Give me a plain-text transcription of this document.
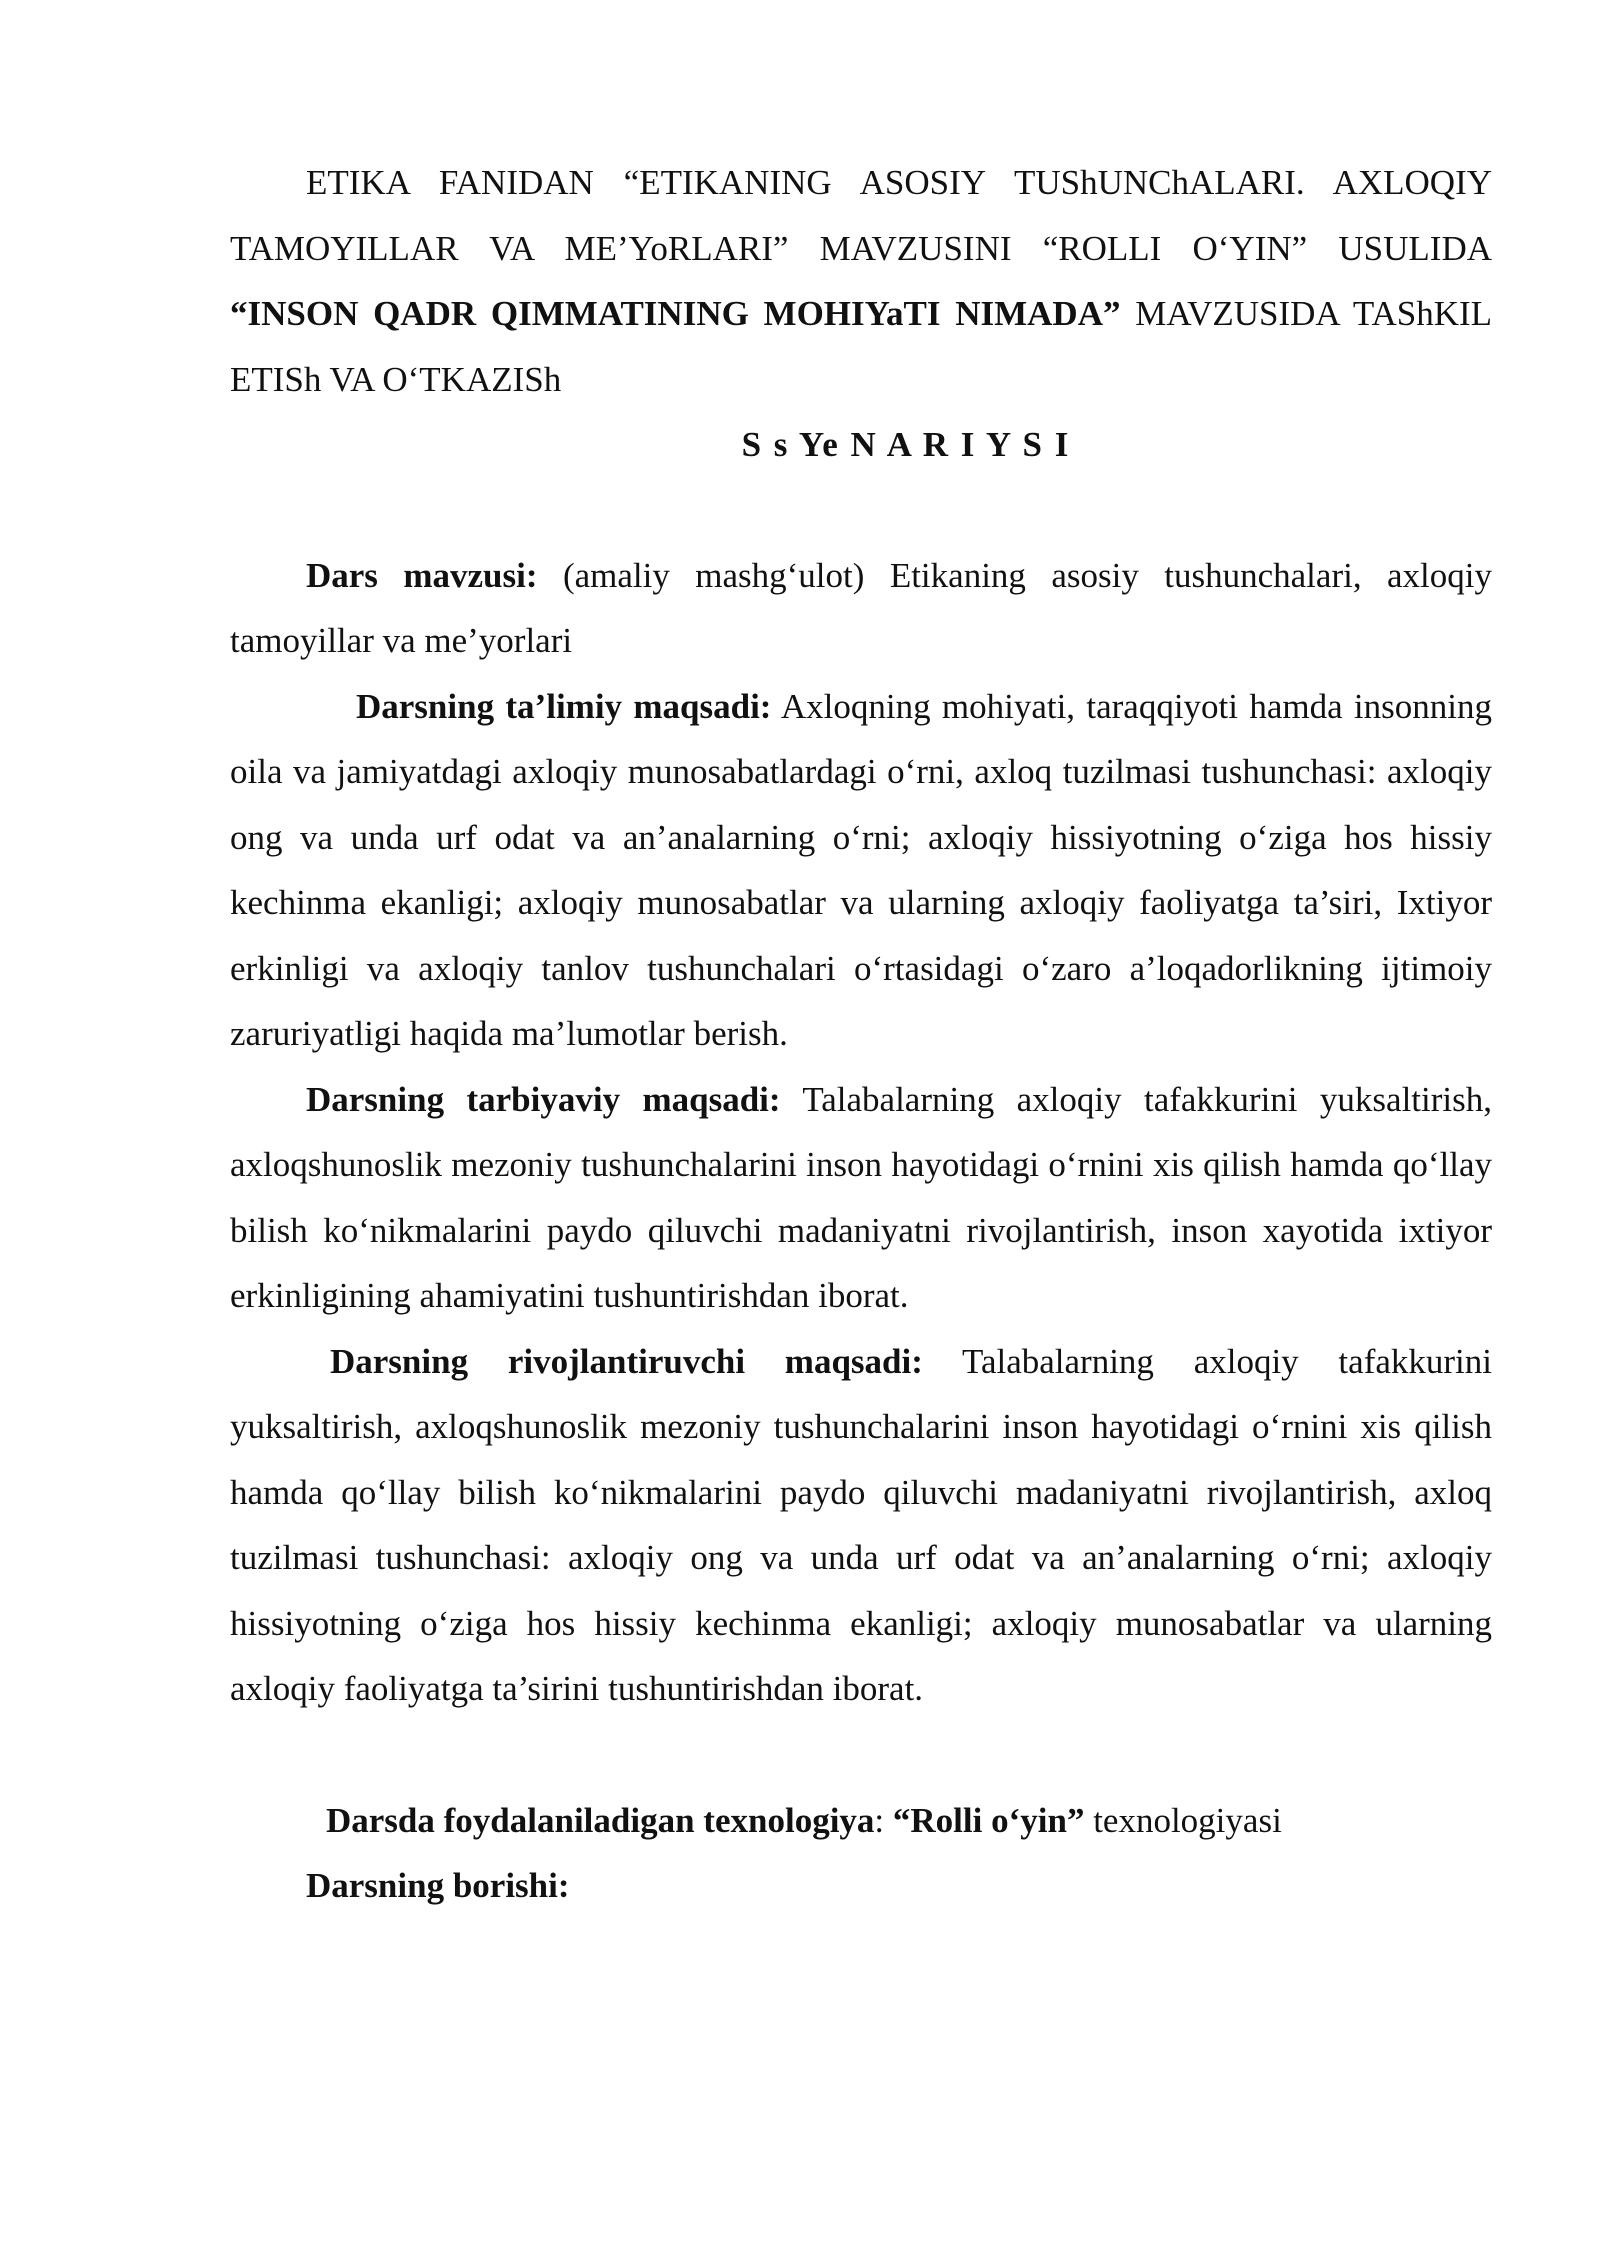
ETIKA FANIDAN “ETIKANING ASOSIY TUShUNChALARI. AXLOQIY TAMOYILLAR VA ME’YoRLARI” MAVZUSINI “ROLLI O‘YIN” USULIDA “INSON QADR QIMMATINING MOHIYaTI NIMADA” MAVZUSIDA TAShKIL ETISh VA O‘TKAZISh

S s Ye N A R I Y S I

Dars mavzusi: (amaliy mashg‘ulot) Etikaning asosiy tushunchalari, axloqiy tamoyillar va me’yorlari

Darsning ta’limiy maqsadi: Axloqning mohiyati, taraqqiyoti hamda insonning oila va jamiyatdagi axloqiy munosabatlardagi o‘rni, axloq tuzilmasi tushunchasi: axloqiy ong va unda urf odat va an’analarning o‘rni; axloqiy hissiyotning o‘ziga hos hissiy kechinma ekanligi; axloqiy munosabatlar va ularning axloqiy faoliyatga ta’siri, Ixtiyor erkinligi va axloqiy tanlov tushunchalari o‘rtasidagi o‘zaro a’loqadorlikning ijtimoiy zaruriyatligi haqida ma’lumotlar berish.

Darsning tarbiyaviy maqsadi: Talabalarning axloqiy tafakkurini yuksaltirish, axloqshunoslik mezoniy tushunchalarini inson hayotidagi o‘rnini xis qilish hamda qo‘llay bilish ko‘nikmalarini paydo qiluvchi madaniyatni rivojlantirish, inson xayotida ixtiyor erkinligining ahamiyatini tushuntirishdan iborat.

Darsning rivojlantiruvchi maqsadi: Talabalarning axloqiy tafakkurini yuksaltirish, axloqshunoslik mezoniy tushunchalarini inson hayotidagi o‘rnini xis qilish hamda qo‘llay bilish ko‘nikmalarini paydo qiluvchi madaniyatni rivojlantirish, axloq tuzilmasi tushunchasi: axloqiy ong va unda urf odat va an’analarning o‘rni; axloqiy hissiyotning o‘ziga hos hissiy kechinma ekanligi; axloqiy munosabatlar va ularning axloqiy faoliyatga ta’sirini tushuntirishdan iborat.

Darsda foydalaniladigan texnologiya: “Rolli o‘yin” texnologiyasi

Darsning borishi:
